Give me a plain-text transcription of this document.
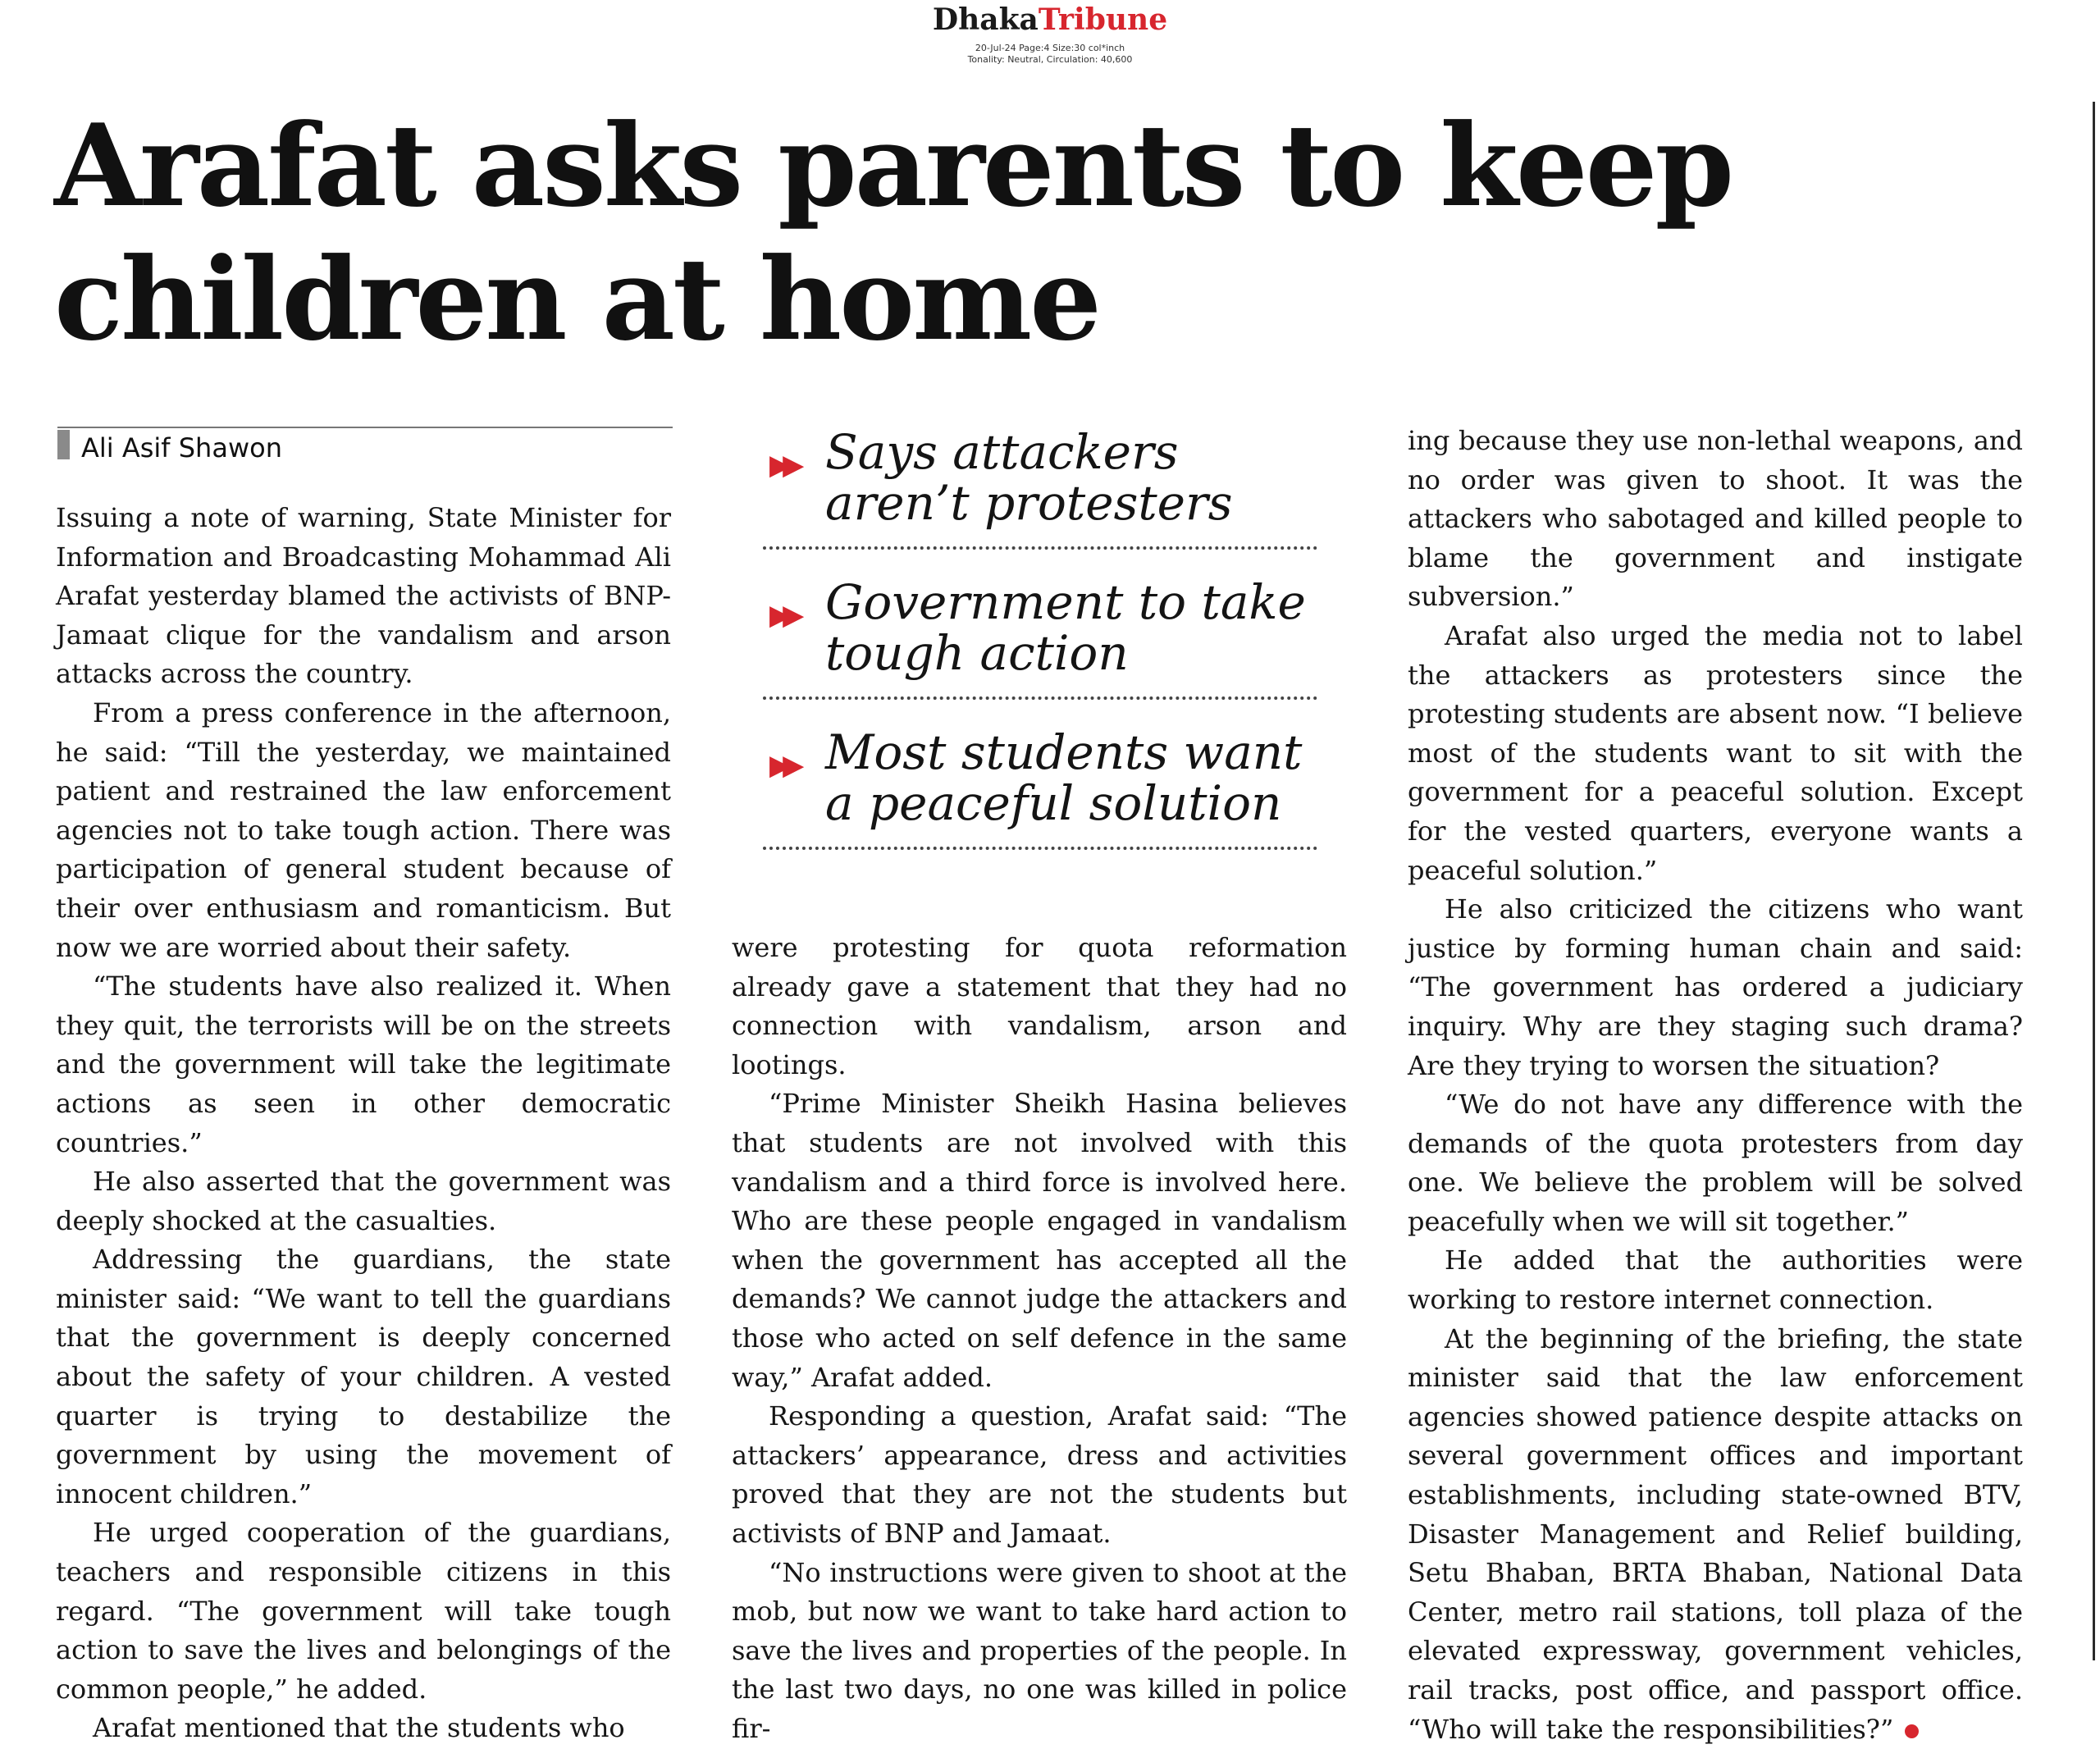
DhakaTribune
20-Jul-24 Page:4 Size:30 col*inch
Tonality: Neutral, Circulation: 40,600
Arafat asks parents to keep children at home

Ali Asif Shawon

▶▶ Says attackers aren’t protesters
▶▶ Government to take tough action
▶▶ Most students want a peaceful solution

Issuing a note of warning, State Minister for Information and Broadcasting Mohammad Ali Arafat yesterday blamed the activists of BNP-Jamaat clique for the vandalism and arson attacks across the country.

From a press conference in the afternoon, he said: “Till the yesterday, we maintained patient and restrained the law enforcement agencies not to take tough action. There was participation of general student because of their over enthusiasm and romanticism. But now we are worried about their safety.

“The students have also realized it. When they quit, the terrorists will be on the streets and the government will take the legitimate actions as seen in other democratic countries.”

He also asserted that the government was deeply shocked at the casualties.

Addressing the guardians, the state minister said: “We want to tell the guardians that the government is deeply concerned about the safety of your children. A vested quarter is trying to destabilize the government by using the movement of innocent children.”

He urged cooperation of the guardians, teachers and responsible citizens in this regard. “The government will take tough action to save the lives and belongings of the common people,” he added.

Arafat mentioned that the students who

were protesting for quota reformation already gave a statement that they had no connection with vandalism, arson and lootings.

“Prime Minister Sheikh Hasina believes that students are not involved with this vandalism and a third force is involved here. Who are these people engaged in vandalism when the government has accepted all the demands? We cannot judge the attackers and those who acted on self defence in the same way,” Arafat added.

Responding a question, Arafat said: “The attackers’ appearance, dress and activities proved that they are not the students but activists of BNP and Jamaat.

“No instructions were given to shoot at the mob, but now we want to take hard action to save the lives and properties of the people. In the last two days, no one was killed in police fir-

ing because they use non-lethal weapons, and no order was given to shoot. It was the attackers who sabotaged and killed people to blame the government and instigate subversion.”

Arafat also urged the media not to label the attackers as protesters since the protesting students are absent now. “I believe most of the students want to sit with the government for a peaceful solution. Except for the vested quarters, everyone wants a peaceful solution.”

He also criticized the citizens who want justice by forming human chain and said: “The government has ordered a judiciary inquiry. Why are they staging such drama? Are they trying to worsen the situation?

“We do not have any difference with the demands of the quota protesters from day one. We believe the problem will be solved peacefully when we will sit together.”

He added that the authorities were working to restore internet connection.

At the beginning of the briefing, the state minister said that the law enforcement agencies showed patience despite attacks on several government offices and important establishments, including state-owned BTV, Disaster Management and Relief building, Setu Bhaban, BRTA Bhaban, National Data Center, metro rail stations, toll plaza of the elevated expressway, government vehicles, rail tracks, post office, and passport office. “Who will take the responsibilities?”
